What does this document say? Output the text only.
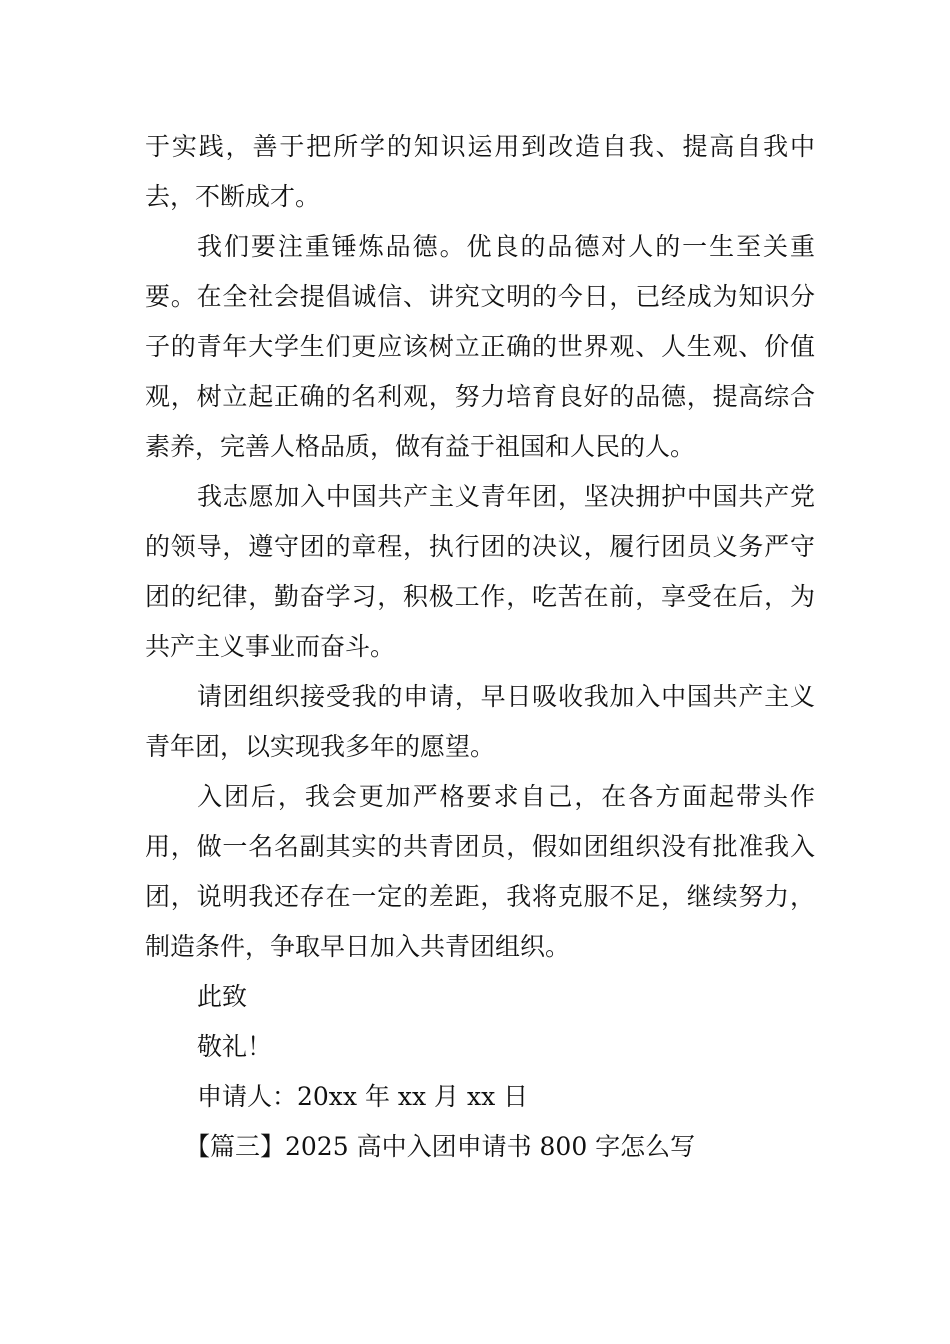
于实践，善于把所学的知识运用到改造自我、提高自我中去，不断成才。

我们要注重锤炼品德。优良的品德对人的一生至关重要。在全社会提倡诚信、讲究文明的今日，已经成为知识分子的青年大学生们更应该树立正确的世界观、人生观、价值观，树立起正确的名利观，努力培育良好的品德，提高综合素养，完善人格品质，做有益于祖国和人民的人。

我志愿加入中国共产主义青年团，坚决拥护中国共产党的领导，遵守团的章程，执行团的决议，履行团员义务严守团的纪律，勤奋学习，积极工作，吃苦在前，享受在后，为共产主义事业而奋斗。

请团组织接受我的申请，早日吸收我加入中国共产主义青年团，以实现我多年的愿望。

入团后，我会更加严格要求自己，在各方面起带头作用，做一名名副其实的共青团员，假如团组织没有批准我入团，说明我还存在一定的差距，我将克服不足，继续努力，制造条件，争取早日加入共青团组织。

此致

敬礼！

申请人：20xx 年 xx 月 xx 日

【篇三】2025 高中入团申请书 800 字怎么写
